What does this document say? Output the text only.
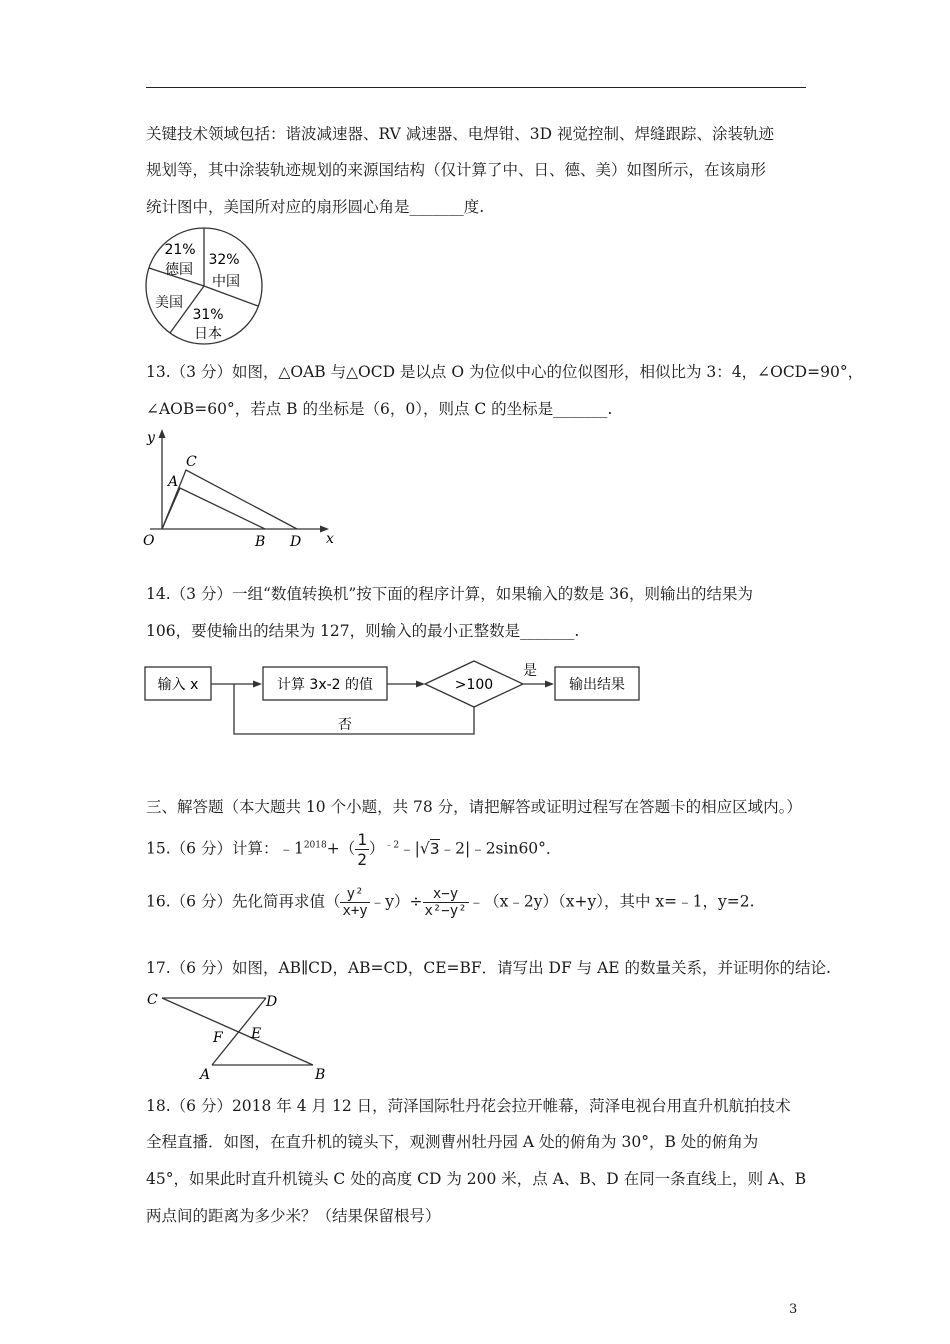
关键技术领域包括：谐波减速器、RV 减速器、电焊钳、3D 视觉控制、焊缝跟踪、涂装轨迹
规划等，其中涂装轨迹规划的来源国结构（仅计算了中、日、德、美）如图所示，在该扇形
统计图中，美国所对应的扇形圆心角是_______度.
32%
中国
31%
日本
21%
德国
美国
13.（3 分）如图，△OAB 与△OCD 是以点 O 为位似中心的位似图形，相似比为 3：4，∠OCD=90°，
∠AOB=60°，若点 B 的坐标是（6，0），则点 C 的坐标是_______.
y
x
O
A
C
B D
14.（3 分）一组“数值转换机”按下面的程序计算，如果输入的数是 36，则输出的结果为
106，要使输出的结果为 127，则输入的最小正整数是_______.
输入 x	计算 3x-2 的值	>100
是
输出结果
否
三、解答题（本大题共 10 个小题，共 78 分，请把解答或证明过程写在答题卡的相应区域内。）
15.（6 分）计算：$﹣1^{2018}+( \frac{1}{2}$ ）$^{﹣2}$﹣|√3﹣2|﹣2sin60°．
16.（6 分）先化简再求值（ $\frac{\text{y²}}{x+y}$ ﹣y）÷ $\frac{x-y}{\text{x²−y²}}$ ﹣（x﹣2y）（x+y），其中 x=﹣1，y=2.
17.（6 分）如图，AB∥CD，AB=CD，CE=BF．请写出 DF 与 AE 的数量关系，并证明你的结论.
C	D
F E
A	B
18.（6 分）2018 年 4 月 12 日，菏泽国际牡丹花会拉开帷幕，菏泽电视台用直升机航拍技术
全程直播．如图，在直升机的镜头下，观测曹州牡丹园 A 处的俯角为 30°，B 处的俯角为
45°，如果此时直升机镜头 C 处的高度 CD 为 200 米，点 A、B、D 在同一条直线上，则 A、B
两点间的距离为多少米？（结果保留根号）
3
